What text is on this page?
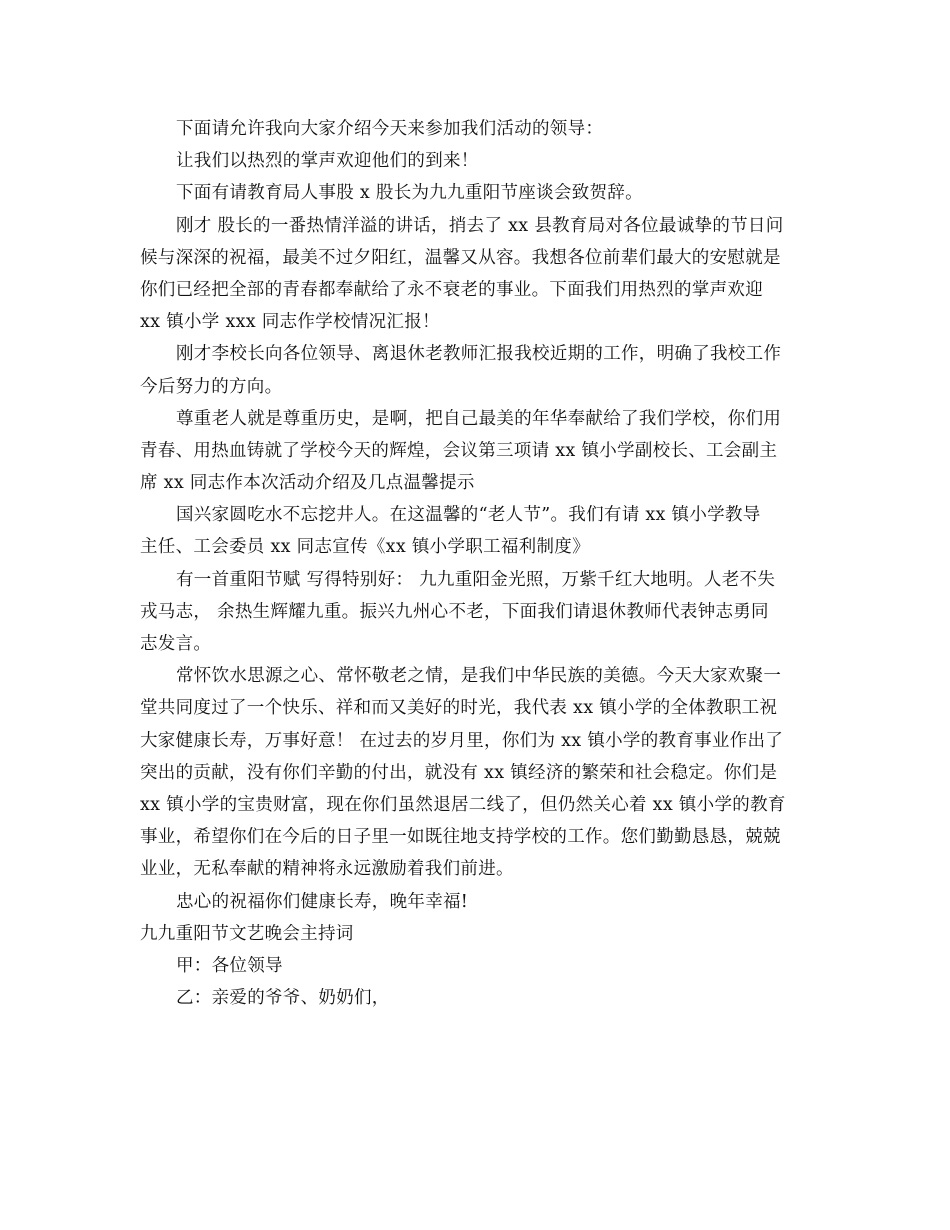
下面请允许我向大家介绍今天来参加我们活动的领导：
让我们以热烈的掌声欢迎他们的到来！
下面有请教育局人事股 x 股长为九九重阳节座谈会致贺辞。
刚才 股长的一番热情洋溢的讲话，捎去了 xx 县教育局对各位最诚挚的节日问
候与深深的祝福，最美不过夕阳红，温馨又从容。我想各位前辈们最大的安慰就是
你们已经把全部的青春都奉献给了永不衰老的事业。下面我们用热烈的掌声欢迎
xx 镇小学 xxx 同志作学校情况汇报！
刚才李校长向各位领导、离退休老教师汇报我校近期的工作，明确了我校工作
今后努力的方向。
尊重老人就是尊重历史，是啊，把自己最美的年华奉献给了我们学校，你们用
青春、用热血铸就了学校今天的辉煌，会议第三项请 xx 镇小学副校长、工会副主
席 xx 同志作本次活动介绍及几点温馨提示
国兴家圆吃水不忘挖井人。在这温馨的“老人节”。我们有请 xx 镇小学教导
主任、工会委员 xx 同志宣传《xx 镇小学职工福利制度》
有一首重阳节赋 写得特别好： 九九重阳金光照，万紫千红大地明。人老不失
戎马志， 余热生辉耀九重。振兴九州心不老，下面我们请退休教师代表钟志勇同
志发言。
常怀饮水思源之心、常怀敬老之情，是我们中华民族的美德。今天大家欢聚一
堂共同度过了一个快乐、祥和而又美好的时光，我代表 xx 镇小学的全体教职工祝
大家健康长寿，万事好意！ 在过去的岁月里，你们为 xx 镇小学的教育事业作出了
突出的贡献，没有你们辛勤的付出，就没有 xx 镇经济的繁荣和社会稳定。你们是
xx 镇小学的宝贵财富，现在你们虽然退居二线了，但仍然关心着 xx 镇小学的教育
事业，希望你们在今后的日子里一如既往地支持学校的工作。您们勤勤恳恳，兢兢
业业，无私奉献的精神将永远激励着我们前进。
忠心的祝福你们健康长寿，晚年幸福!
九九重阳节文艺晚会主持词
甲：各位领导
乙：亲爱的爷爷、奶奶们，
